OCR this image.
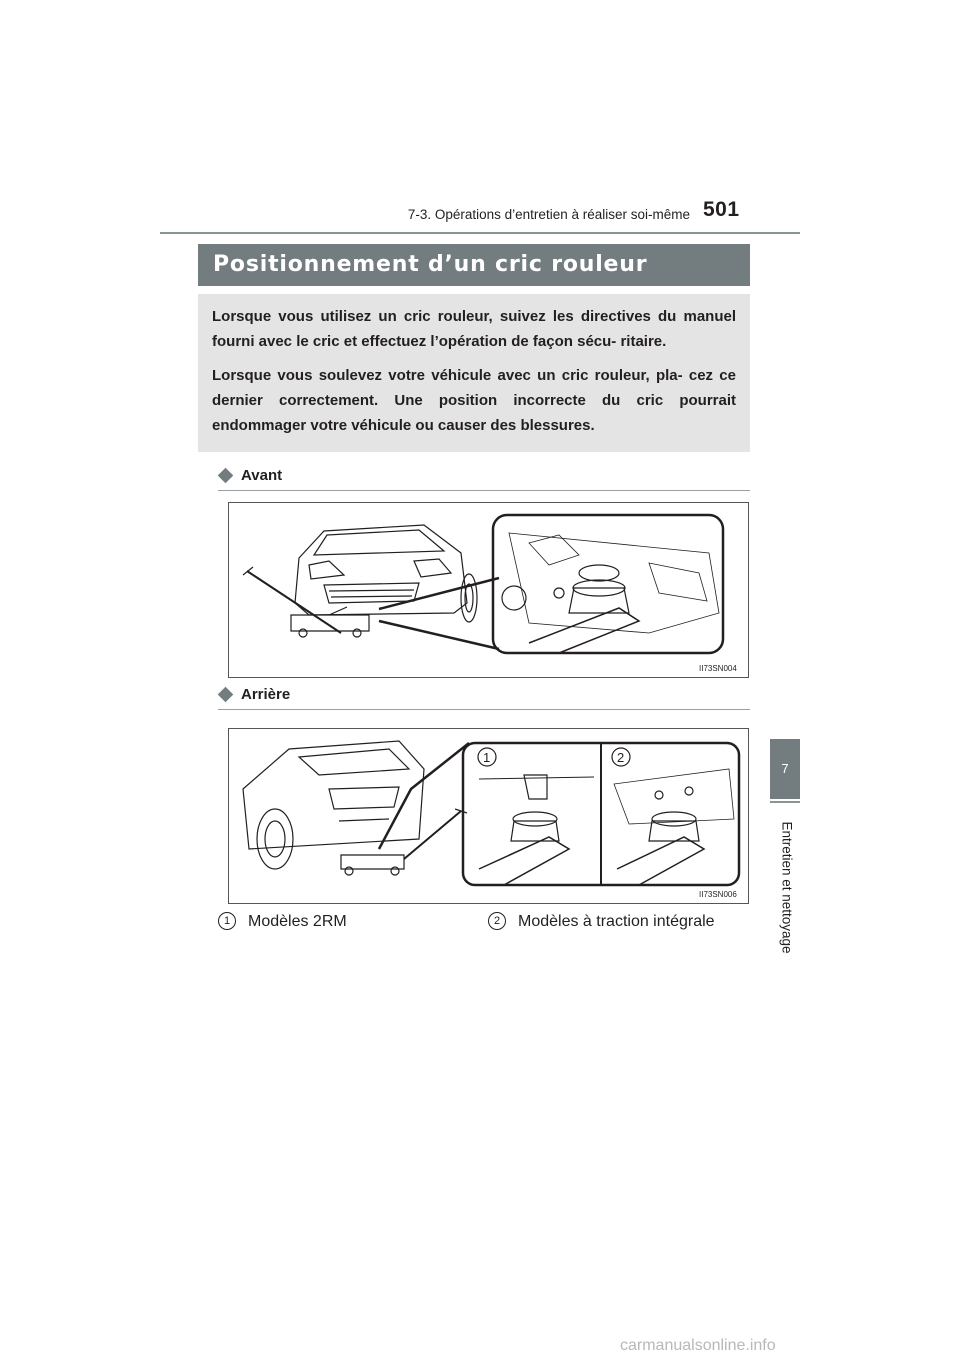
7-3. Opérations d’entretien à réaliser soi-même 501
7
Entretien et nettoyage
Positionnement d’un cric rouleur

Lorsque vous utilisez un cric rouleur, suivez les directives du manuel fourni avec le cric et effectuez l’opération de façon sécu- ritaire.

Lorsque vous soulevez votre véhicule avec un cric rouleur, pla- cez ce dernier correctement. Une position incorrecte du cric pourrait endommager votre véhicule ou causer des blessures.

Avant
II73SN004
Arrière
1	2
II73SN006
1 Modèles 2RM	2 Modèles à traction intégrale
carmanualsonline.info
